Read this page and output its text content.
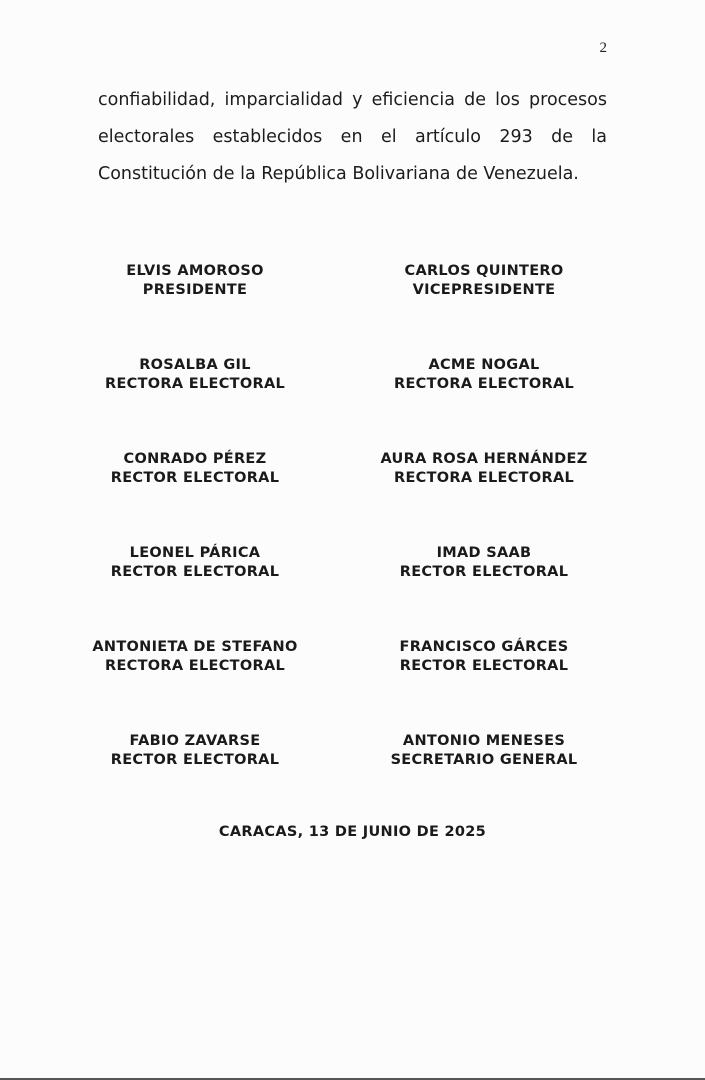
2
confiabilidad, imparcialidad y eficiencia de los procesos
electorales establecidos en el artículo 293 de la
Constitución de la República Bolivariana de Venezuela.
ELVIS AMOROSO
PRESIDENTE
CARLOS QUINTERO
VICEPRESIDENTE
ROSALBA GIL
RECTORA ELECTORAL
ACME NOGAL
RECTORA ELECTORAL
CONRADO PÉREZ
RECTOR ELECTORAL
AURA ROSA HERNÁNDEZ
RECTORA ELECTORAL
LEONEL PÁRICA
RECTOR ELECTORAL
IMAD SAAB
RECTOR ELECTORAL
ANTONIETA DE STEFANO
RECTORA ELECTORAL
FRANCISCO GÁRCES
RECTOR ELECTORAL
FABIO ZAVARSE
RECTOR ELECTORAL
ANTONIO MENESES
SECRETARIO GENERAL
CARACAS, 13 DE JUNIO DE 2025
